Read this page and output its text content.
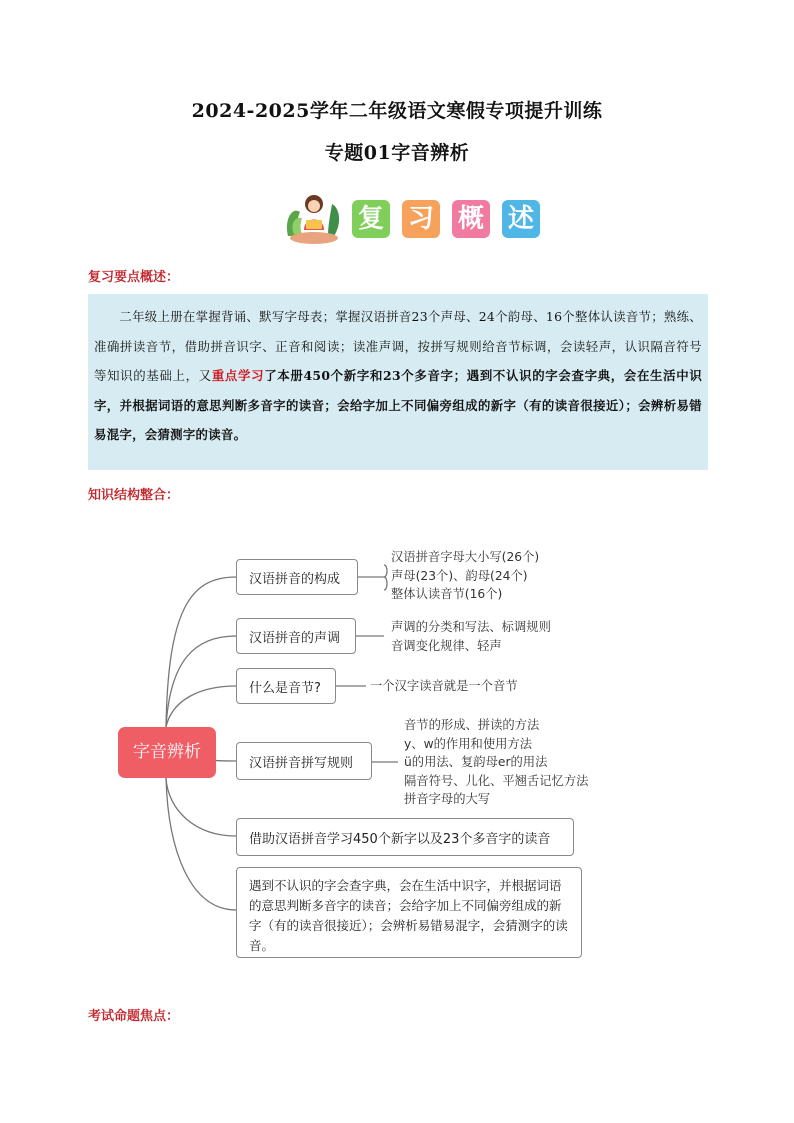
2024-2025学年二年级语文寒假专项提升训练
专题01字音辨析
复 习 概 述
复习要点概述：

  二年级上册在掌握背诵、默写字母表；掌握汉语拼音23个声母、24个韵母、16个整体认读音节；熟练、准确拼读音节，借助拼音识字、正音和阅读；读准声调，按拼写规则给音节标调，会读轻声，认识隔音符号等知识的基础上，又重点学习了本册450个新字和23个多音字；遇到不认识的字会查字典，会在生活中识字，并根据词语的意思判断多音字的读音；会给字加上不同偏旁组成的新字（有的读音很接近）；会辨析易错易混字，会猜测字的读音。

知识结构整合：
字音辨析
汉语拼音的构成
汉语拼音字母大小写(26个)
声母(23个)、韵母(24个)
整体认读音节(16个)
汉语拼音的声调
声调的分类和写法、标调规则
音调变化规律、轻声
什么是音节?	一个汉字读音就是一个音节
汉语拼音拼写规则
音节的形成、拼读的方法
y、w的作用和使用方法
ü的用法、复韵母er的用法
隔音符号、儿化、平翘舌记忆方法
拼音字母的大写
借助汉语拼音学习450个新字以及23个多音字的读音
遇到不认识的字会查字典，会在生活中识字，并根据词语的意思判断多音字的读音；会给字加上不同偏旁组成的新字（有的读音很接近）；会辨析易错易混字，会猜测字的读音。
考试命题焦点：
